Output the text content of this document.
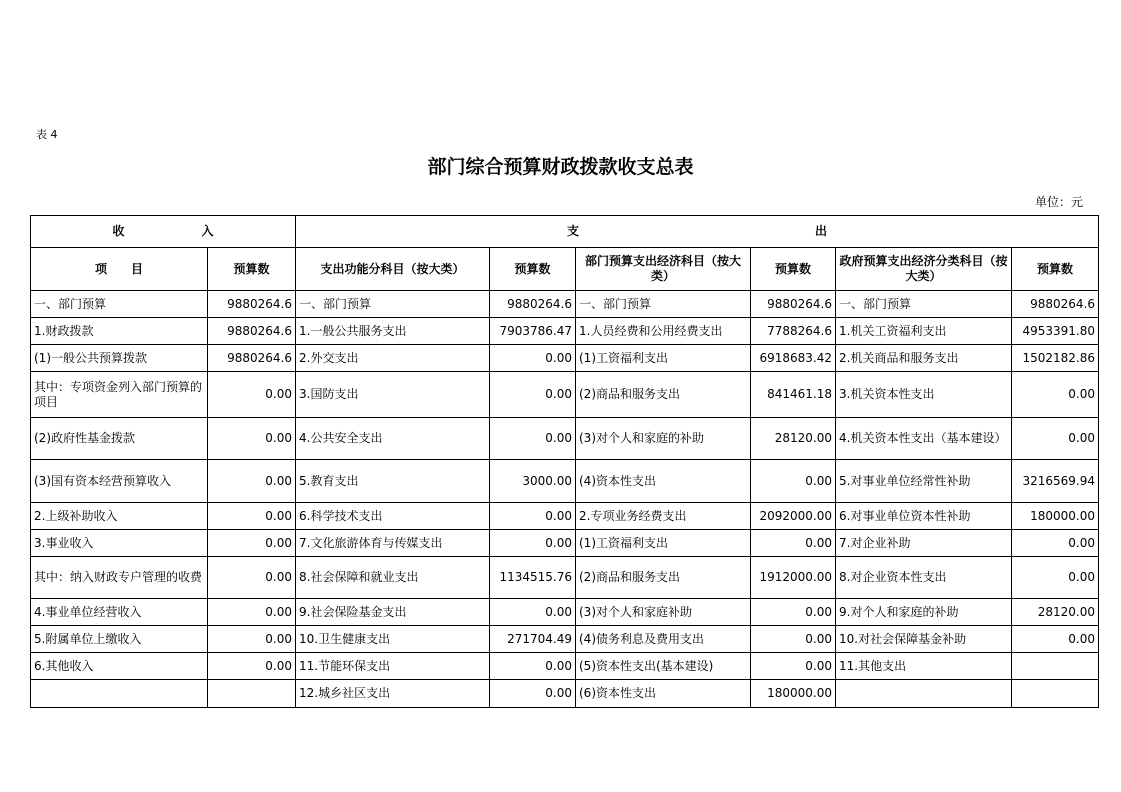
表 4
部门综合预算财政拨款收支总表
单位：元
收 入		支 出					

项　　目	预算数	支出功能分科目（按大类）	预算数	部门预算支出经济科目（按大类）	预算数	政府预算支出经济分类科目（按大类）	预算数
一、部门预算	9880264.6	一、部门预算	9880264.6	一、部门预算	9880264.6	一、部门预算	9880264.6
1.财政拨款	9880264.6	1.一般公共服务支出	7903786.47	1.人员经费和公用经费支出	7788264.6	1.机关工资福利支出	4953391.80
(1)一般公共预算拨款	9880264.6	2.外交支出	0.00	(1)工资福利支出	6918683.42	2.机关商品和服务支出	1502182.86
其中：专项资金列入部门预算的项目	0.00	3.国防支出	0.00	(2)商品和服务支出	841461.18	3.机关资本性支出	0.00
(2)政府性基金拨款	0.00	4.公共安全支出	0.00	(3)对个人和家庭的补助	28120.00	4.机关资本性支出（基本建设）	0.00
(3)国有资本经营预算收入	0.00	5.教育支出	3000.00	(4)资本性支出	0.00	5.对事业单位经常性补助	3216569.94
2.上级补助收入	0.00	6.科学技术支出	0.00	2.专项业务经费支出	2092000.00	6.对事业单位资本性补助	180000.00
3.事业收入	0.00	7.文化旅游体育与传媒支出	0.00	(1)工资福利支出	0.00	7.对企业补助	0.00
其中：纳入财政专户管理的收费	0.00	8.社会保障和就业支出	1134515.76	(2)商品和服务支出	1912000.00	8.对企业资本性支出	0.00
4.事业单位经营收入	0.00	9.社会保险基金支出	0.00	(3)对个人和家庭补助	0.00	9.对个人和家庭的补助	28120.00
5.附属单位上缴收入	0.00	10.卫生健康支出	271704.49	(4)债务利息及费用支出	0.00	10.对社会保障基金补助	0.00
6.其他收入	0.00	11.节能环保支出	0.00	(5)资本性支出(基本建设)	0.00	11.其他支出	
		12.城乡社区支出	0.00	(6)资本性支出	180000.00		
